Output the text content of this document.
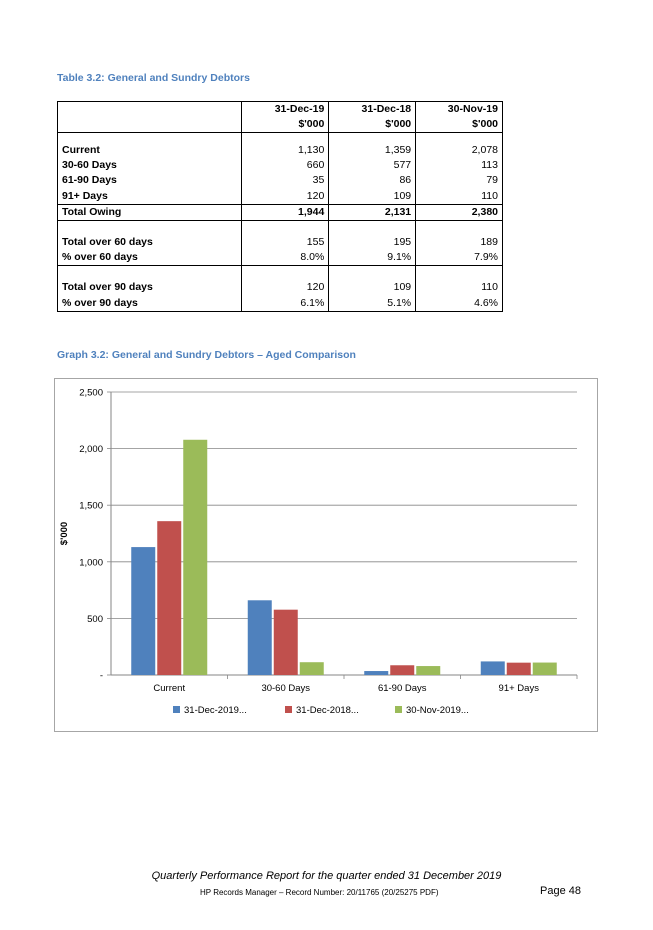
Table 3.2: General and Sundry Debtors
	31-Dec-19	31-Dec-18	30-Nov-19
	$'000	$'000	$'000

Current	1,130	1,359	2,078
30-60 Days	660	577	113
61-90 Days	35	86	79
91+ Days	120	109	110
Total Owing	1,944	2,131	2,380

Total over 60 days	155	195	189
% over 60 days	8.0%	9.1%	7.9%

Total over 90 days	120	109	110
% over 90 days	6.1%	5.1%	4.6%
Graph 3.2: General and Sundry Debtors – Aged Comparison
-
500
1,000
1,500
2,000
2,500
$'000
Current	30-60 Days	61-90 Days	91+ Days
31-Dec-2019...	31-Dec-2018...	30-Nov-2019...
Quarterly Performance Report for the quarter ended 31 December 2019
HP Records Manager – Record Number: 20/11765 (20/25275 PDF)	Page 48
